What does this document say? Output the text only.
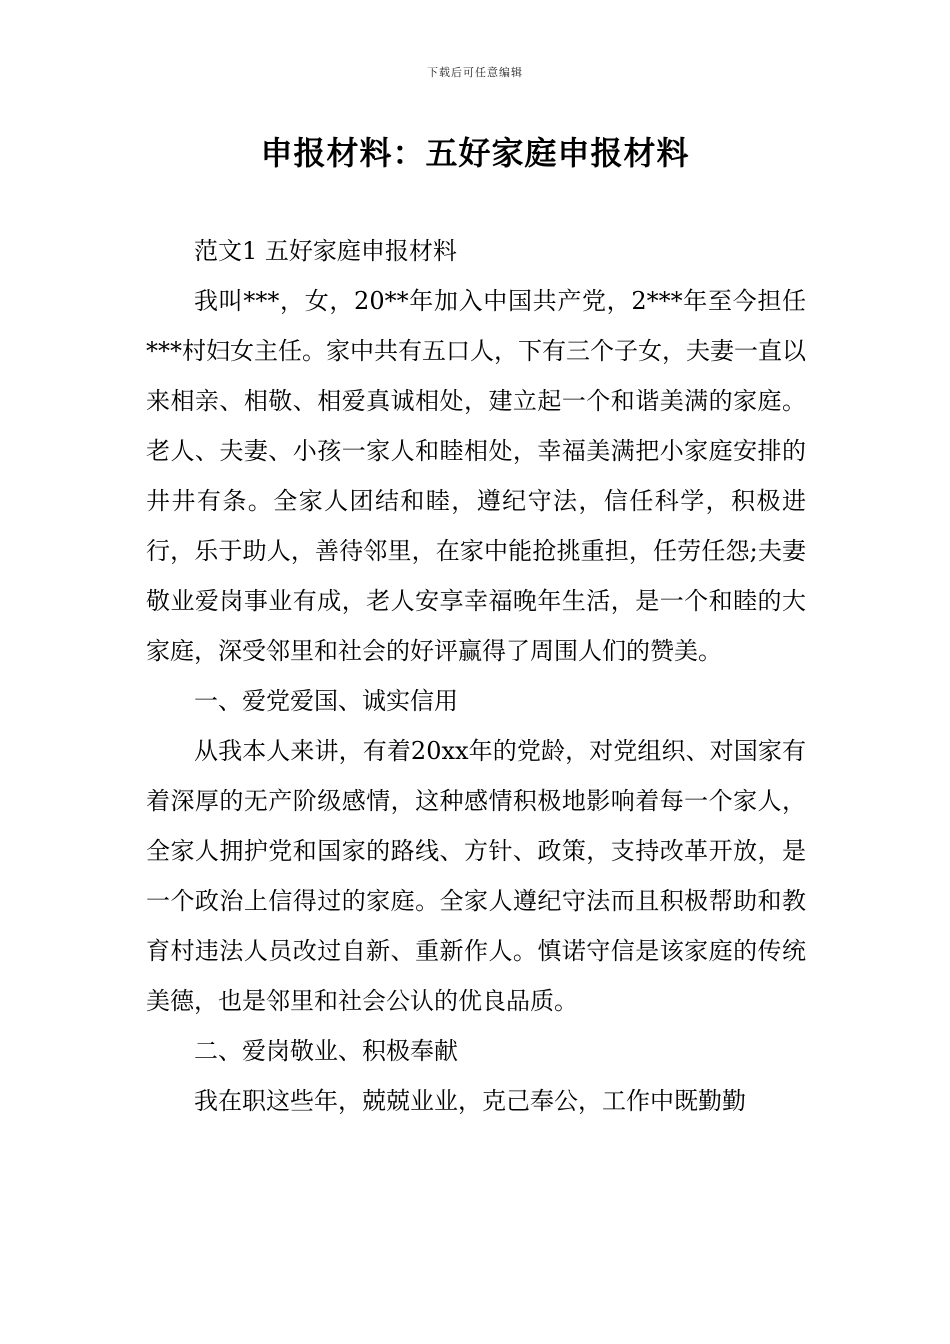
下载后可任意编辑
申报材料：五好家庭申报材料

范文1 五好家庭申报材料

我叫***，女，20**年加入中国共产党，2***年至今担任***村妇女主任。家中共有五口人，下有三个子女，夫妻一直以来相亲、相敬、相爱真诚相处，建立起一个和谐美满的家庭。老人、夫妻、小孩一家人和睦相处，幸福美满把小家庭安排的井井有条。全家人团结和睦，遵纪守法，信任科学，积极进行，乐于助人，善待邻里，在家中能抢挑重担，任劳任怨;夫妻敬业爱岗事业有成，老人安享幸福晚年生活，是一个和睦的大家庭，深受邻里和社会的好评赢得了周围人们的赞美。

一、爱党爱国、诚实信用

从我本人来讲，有着20xx年的党龄，对党组织、对国家有着深厚的无产阶级感情，这种感情积极地影响着每一个家人，全家人拥护党和国家的路线、方针、政策，支持改革开放，是一个政治上信得过的家庭。全家人遵纪守法而且积极帮助和教育村违法人员改过自新、重新作人。慎诺守信是该家庭的传统美德，也是邻里和社会公认的优良品质。

二、爱岗敬业、积极奉献

我在职这些年，兢兢业业，克己奉公，工作中既勤勤
